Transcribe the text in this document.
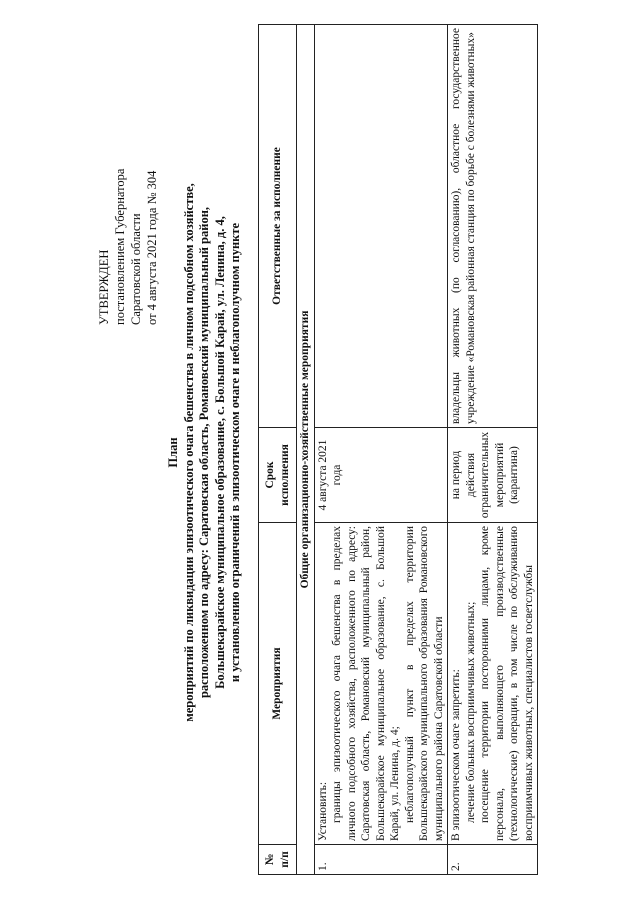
УТВЕРЖДЕН постановлением Губернатора Саратовской области от 4 августа 2021 года № 304
План мероприятий по ликвидации эпизоотического очага бешенства в личном подсобном хозяйстве, расположенном по адресу: Саратовская область, Романовский муниципальный район, Большекарайское муниципальное образование, с. Большой Карай, ул. Ленина, д. 4, и установлению ограничений в эпизоотическом очаге и неблагополучном пункте
№ п/п	Мероприятия	Срок исполнения	Ответственные за исполнение
Общие организационно-хозяйственные мероприятия			
1.	Установить: границы эпизоотического очага бешенства в пределах личного подсобного хозяйства, расположенного по адресу: Саратовская область, Романовский муниципальный район, Большекарайское муниципальное образование, с. Большой Карай, ул. Ленина, д. 4; неблагополучный пункт в пределах территории Большекарайского муниципального образования Романовского муниципального района Саратовской области	4 августа 2021 года	
2.	В эпизоотическом очаге запретить: лечение больных восприимчивых животных; посещение территории посторонними лицами, кроме персонала, выполняющего производственные (технологические) операции, в том числе по обслуживанию восприимчивых животных, специалистов госветслужбы	на период действия ограничительных мероприятий (карантина)	владельцы животных (по согласованию), областное государственное учреждение «Романовская районная станция по борьбе с болезнями животных»
